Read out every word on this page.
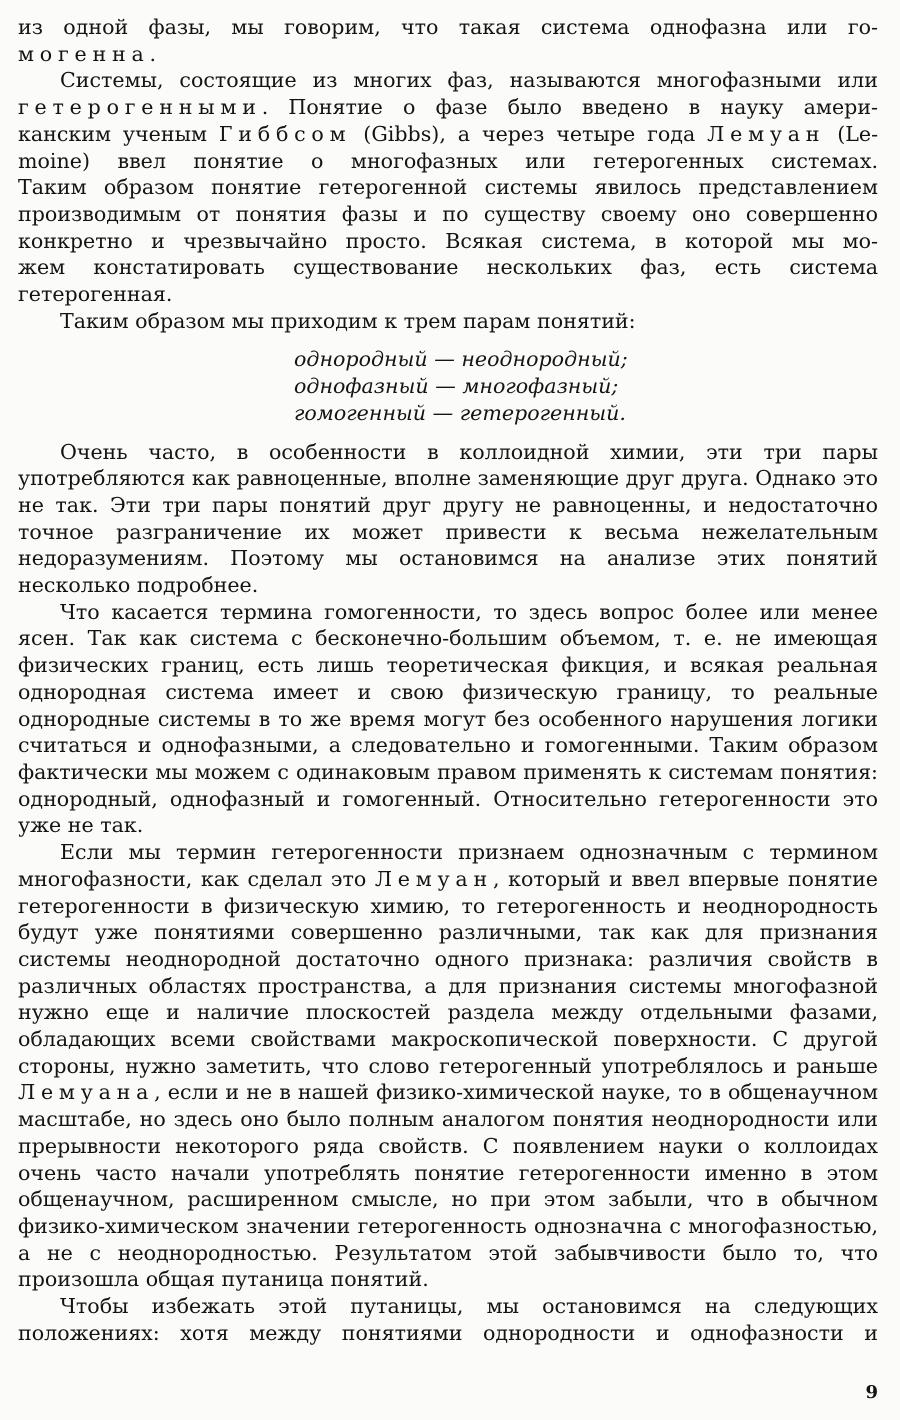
из одной фазы, мы говорим, что такая система однофазна или го-

могенна.

Системы, состоящие из многих фаз, называются многофазными или

гетерогенными. Понятие о фазе было введено в науку амери-

канским ученым Гиббсом (Gibbs), а через четыре года Лемуан (Le-

moine) ввел понятие о многофазных или гетерогенных системах.

Таким образом понятие гетерогенной системы явилось представлением

производимым от понятия фазы и по существу своему оно совершенно

конкретно и чрезвычайно просто. Всякая система, в которой мы мо-

жем констатировать существование нескольких фаз, есть система

гетерогенная.

Таким образом мы приходим к трем парам понятий:

однородный — неоднородный;
однофазный — многофазный;
гомогенный — гетерогенный.

Очень часто, в особенности в коллоидной химии, эти три пары употребляются как равноценные, вполне заменяющие друг друга. Однако это не так. Эти три пары понятий друг другу не равноценны, и недостаточно точное разграничение их может привести к весьма нежелательным недоразумениям. Поэтому мы остановимся на анализе этих понятий несколько подробнее.

Что касается термина гомогенности, то здесь вопрос более или менее ясен. Так как система с бесконечно-большим объемом, т. е. не имеющая физических границ, есть лишь теоретическая фикция, и всякая реальная однородная система имеет и свою физическую границу, то реальные однородные системы в то же время могут без особенного нарушения логики считаться и однофазными, а следовательно и гомогенными. Таким образом фактически мы можем с одинаковым правом применять к системам понятия: однородный, однофазный и гомогенный. Относительно гетерогенности это уже не так.

Если мы термин гетерогенности признаем однозначным с термином многофазности, как сделал это Лемуан, который и ввел впервые понятие гетерогенности в физическую химию, то гетерогенность и неоднородность будут уже понятиями совершенно различными, так как для признания системы неоднородной достаточно одного признака: различия свойств в различных областях пространства, а для признания системы многофазной нужно еще и наличие плоскостей раздела между отдельными фазами, обладающих всеми свойствами макроскопической поверхности. С другой стороны, нужно заметить, что слово гетерогенный употреблялось и раньше Лемуана, если и не в нашей физико-химической науке, то в общенаучном масштабе, но здесь оно было полным аналогом понятия неоднородности или прерывности некоторого ряда свойств. С появлением науки о коллоидах очень часто начали употреблять понятие гетерогенности именно в этом общенаучном, расширенном смысле, но при этом забыли, что в обычном физико-химическом значении гетерогенность однозначна с многофазностью, а не с неоднородностью. Результатом этой забывчивости было то, что произошла общая путаница понятий.

Чтобы избежать этой путаницы, мы остановимся на следующих положениях: хотя между понятиями однородности и однофазности и

9
